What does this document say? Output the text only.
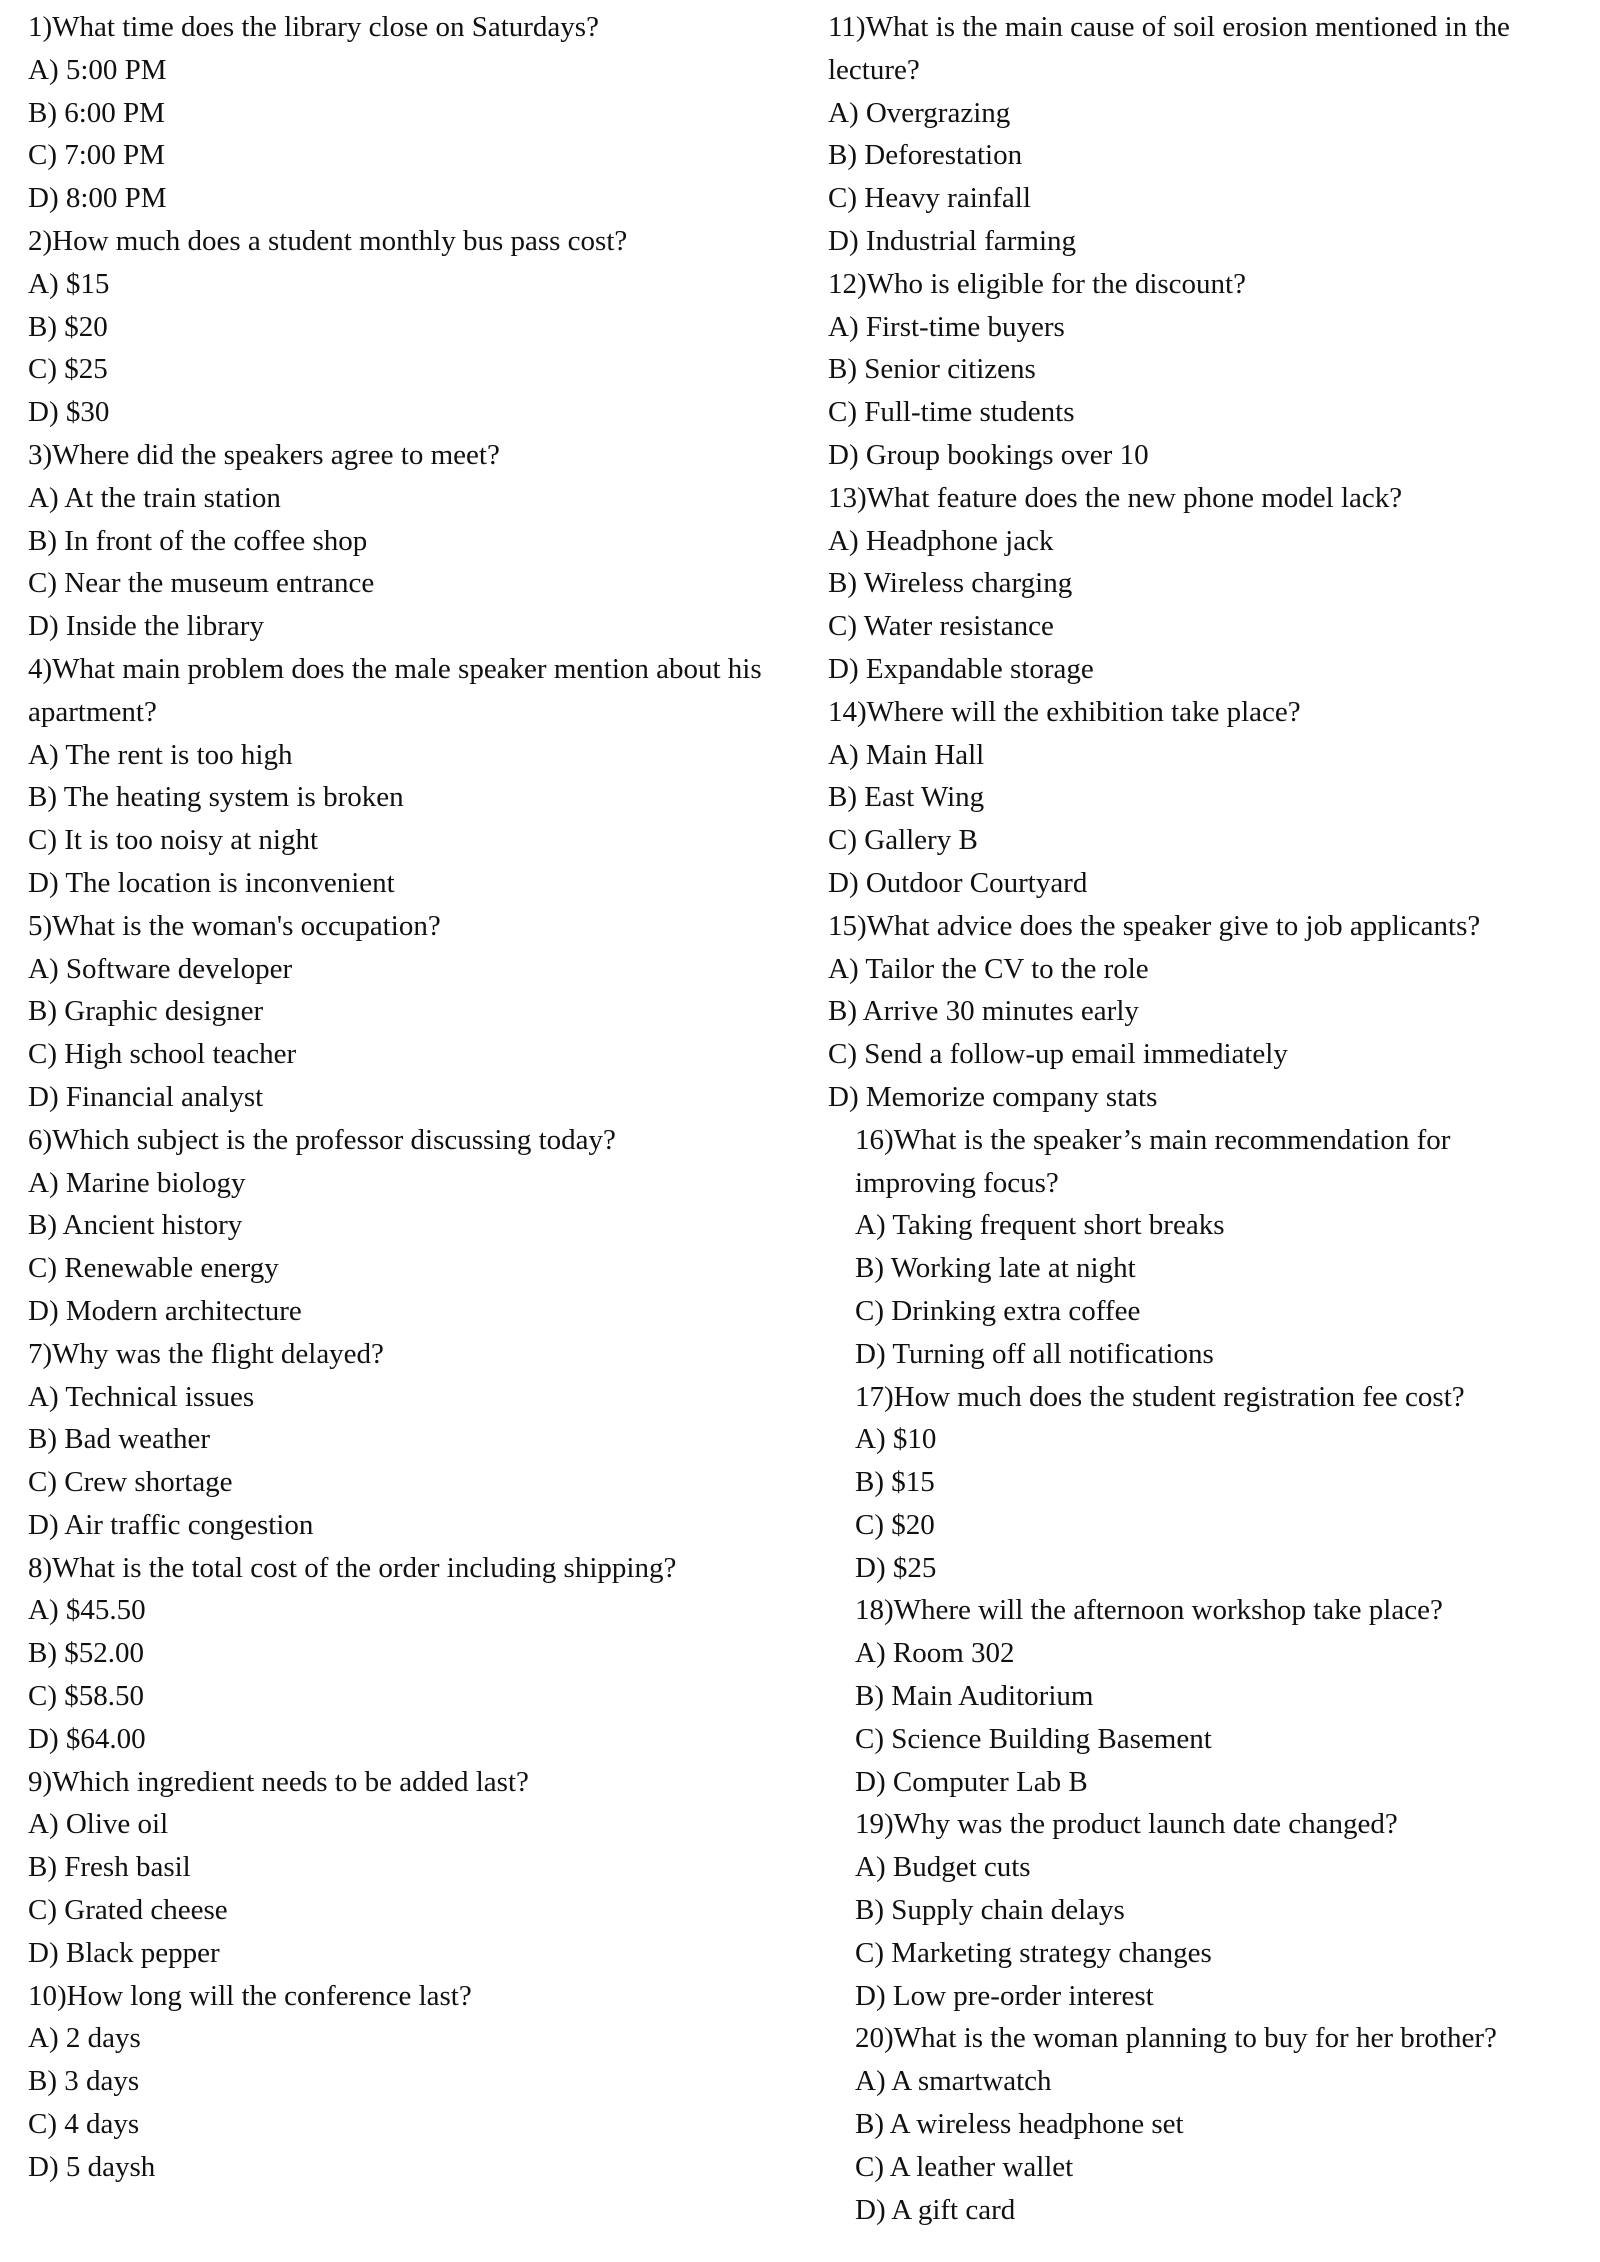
1)What time does the library close on Saturdays?
A) 5:00 PM
B) 6:00 PM
C) 7:00 PM
D) 8:00 PM
2)How much does a student monthly bus pass cost?
A) $15
B) $20
C) $25
D) $30
3)Where did the speakers agree to meet?
A) At the train station
B) In front of the coffee shop
C) Near the museum entrance
D) Inside the library
4)What main problem does the male speaker mention about his apartment?
A) The rent is too high
B) The heating system is broken
C) It is too noisy at night
D) The location is inconvenient
5)What is the woman's occupation?
A) Software developer
B) Graphic designer
C) High school teacher
D) Financial analyst
6)Which subject is the professor discussing today?
A) Marine biology
B) Ancient history
C) Renewable energy
D) Modern architecture
7)Why was the flight delayed?
A) Technical issues
B) Bad weather
C) Crew shortage
D) Air traffic congestion
8)What is the total cost of the order including shipping?
A) $45.50
B) $52.00
C) $58.50
D) $64.00
9)Which ingredient needs to be added last?
A) Olive oil
B) Fresh basil
C) Grated cheese
D) Black pepper
10)How long will the conference last?
A) 2 days
B) 3 days
C) 4 days
D) 5 daysh
11)What is the main cause of soil erosion mentioned in the lecture?
A) Overgrazing
B) Deforestation
C) Heavy rainfall
D) Industrial farming
12)Who is eligible for the discount?
A) First-time buyers
B) Senior citizens
C) Full-time students
D) Group bookings over 10
13)What feature does the new phone model lack?
A) Headphone jack
B) Wireless charging
C) Water resistance
D) Expandable storage
14)Where will the exhibition take place?
A) Main Hall
B) East Wing
C) Gallery B
D) Outdoor Courtyard
15)What advice does the speaker give to job applicants?
A) Tailor the CV to the role
B) Arrive 30 minutes early
C) Send a follow-up email immediately
D) Memorize company stats
16)What is the speaker’s main recommendation for improving focus?
A) Taking frequent short breaks
B) Working late at night
C) Drinking extra coffee
D) Turning off all notifications
17)How much does the student registration fee cost?
A) $10
B) $15
C) $20
D) $25
18)Where will the afternoon workshop take place?
A) Room 302
B) Main Auditorium
C) Science Building Basement
D) Computer Lab B
19)Why was the product launch date changed?
A) Budget cuts
B) Supply chain delays
C) Marketing strategy changes
D) Low pre-order interest
20)What is the woman planning to buy for her brother?
A) A smartwatch
B) A wireless headphone set
C) A leather wallet
D) A gift card
